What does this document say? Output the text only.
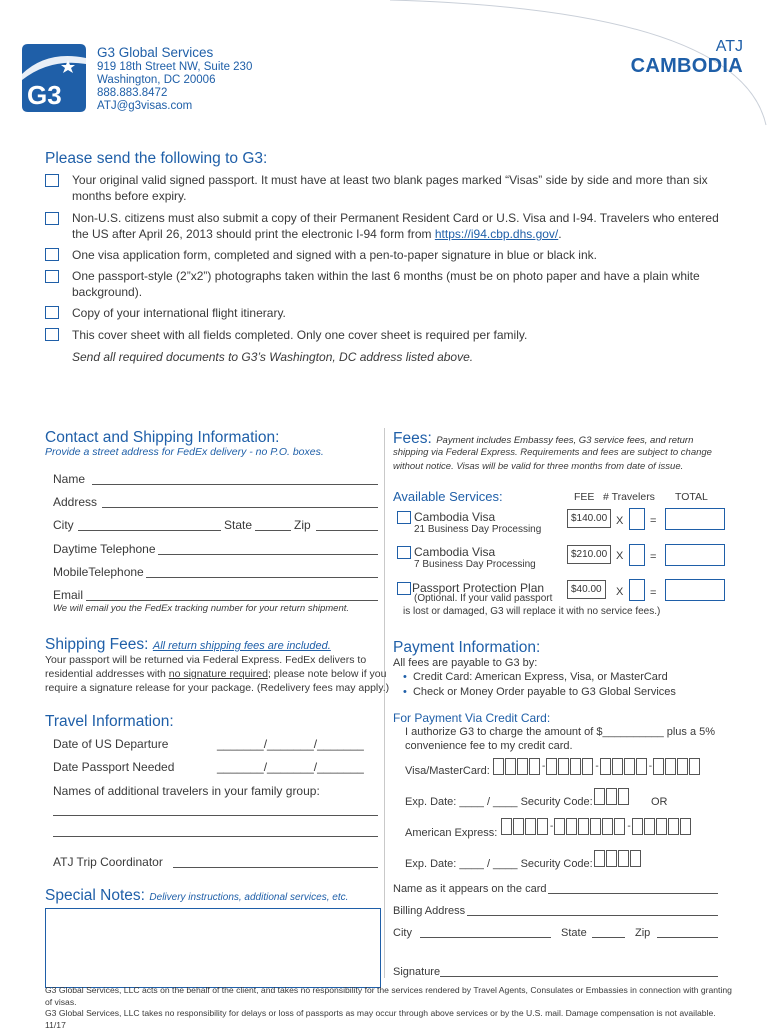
G3
G3 Global Services
919 18th Street NW, Suite 230
Washington, DC 20006
888.883.8472
ATJ@g3visas.com
ATJ
CAMBODIA
Please send the following to G3:
Your original valid signed passport. It must have at least two blank pages marked “Visas” side by side and more than six months before expiry.
Non-U.S. citizens must also submit a copy of their Permanent Resident Card or U.S. Visa and I-94. Travelers who entered the US after April 26, 2013 should print the electronic I-94 form from https://i94.cbp.dhs.gov/.
One visa application form, completed and signed with a pen-to-paper signature in blue or black ink.
One passport-style (2”x2”) photographs taken within the last 6 months (must be on photo paper and have a plain white background).
Copy of your international flight itinerary.
This cover sheet with all fields completed. Only one cover sheet is required per family.
Send all required documents to G3’s Washington, DC address listed above.
Contact and Shipping Information:
Provide a street address for FedEx delivery - no P.O. boxes.
Name
Address
City	State	Zip
Daytime Telephone
MobileTelephone
Email
We will email you the FedEx tracking number for your return shipment.
Shipping Fees: All return shipping fees are included.
Your passport will be returned via Federal Express. FedEx delivers to
residential addresses with no signature required; please note below if you
require a signature release for your package. (Redelivery fees may apply.)
Travel Information:
Date of US Departure	_______/_______/_______
Date Passport Needed	_______/_______/_______
Names of additional travelers in your family group:
ATJ Trip Coordinator
Special Notes: Delivery instructions, additional services, etc.
Fees: Payment includes Embassy fees, G3 service fees, and return
shipping via Federal Express. Requirements and fees are subject to change
without notice. Visas will be valid for three months from date of issue.
Available Services:	FEE # Travelers TOTAL
Cambodia Visa
21 Business Day Processing
$140.00 X =
Cambodia Visa
7 Business Day Processing
$210.00 X =
Passport Protection Plan
(Optional. If your valid passport
$40.00	X =
is lost or damaged, G3 will replace it with no service fees.)
Payment Information:
All fees are payable to G3 by:
• Credit Card: American Express, Visa, or MasterCard
• Check or Money Order payable to G3 Global Services
For Payment Via Credit Card:
I authorize G3 to charge the amount of $__________ plus a 5%
convenience fee to my credit card.
Visa/MasterCard:	-	-	-
Exp. Date: ____ / ____ Security Code:	OR
American Express:
-	-
Exp. Date: ____ / ____ Security Code:
Name as it appears on the card
Billing Address
City	State	Zip
Signature
G3 Global Services, LLC acts on the behalf of the client, and takes no responsibility for the services rendered by Travel Agents, Consulates or Embassies in connection with granting of visas.
G3 Global Services, LLC takes no responsibility for delays or loss of passports as may occur through above services or by the U.S. mail. Damage compensation is not available. 11/17
